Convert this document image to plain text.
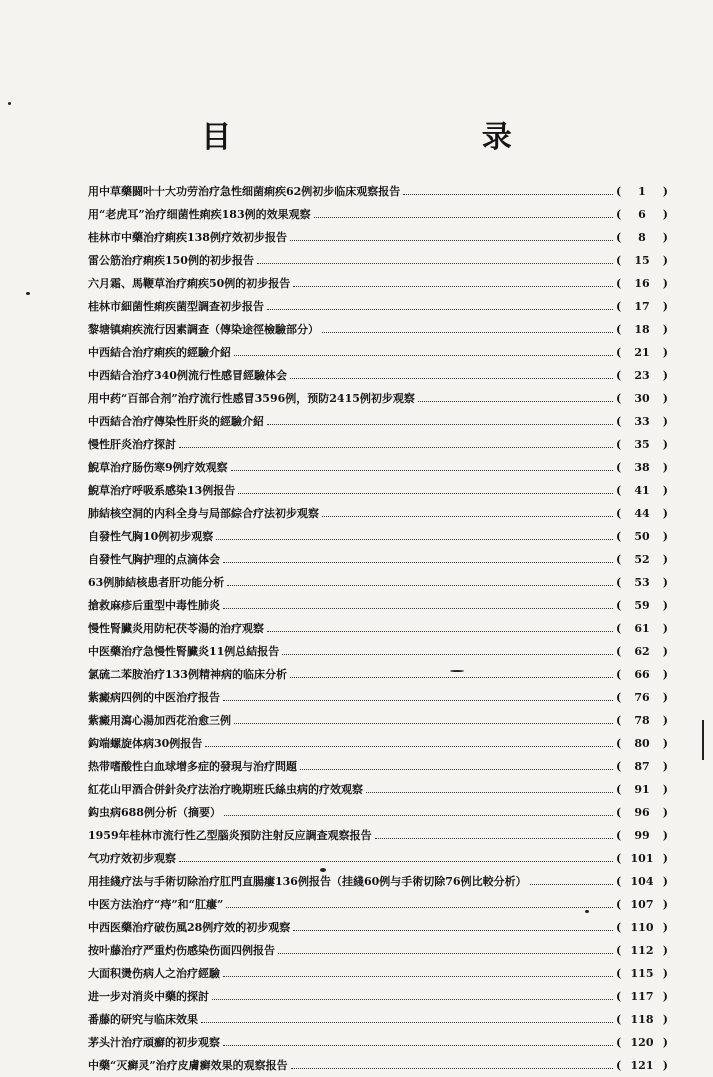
目 录
用中草藥闘叶十大功劳治疗急性细菌痢疾62例初步临床观察报告	( 1 )
用“老虎耳”治疗细菌性痢疾183例的效果观察	( 6 )
桂林市中藥治疗痢疾138例疗效初步报告	( 8 )
雷公筋治疗痢疾150例的初步报告	( 15 )
六月霜、馬鞭草治疗痢疾50例的初步报告	( 16 )
桂林市細菌性痢疾菌型調查初步报告	( 17 )
黎塘镇痢疾流行因素調查（傳染途徑檢驗部分）	( 18 )
中西結合治疗痢疾的經驗介紹	( 21 )
中西結合治疗340例流行性感冒經驗体会	( 23 )
用中药“百部合剂”治疗流行性感冒3596例，预防2415例初步观察	( 30 )
中西結合治疗傳染性肝炎的經驗介紹	( 33 )
慢性肝炎治疗探討	( 35 )
鯢草治疗肠伤寒9例疗效观察	( 38 )
鯢草治疗呼吸系感染13例报告	( 41 )
肺結核空洞的内科全身与局部綜合疗法初步观察	( 44 )
自發性气胸10例初步观察	( 50 )
自發性气胸护理的点滴体会	( 52 )
63例肺結核患者肝功能分析	( 53 )
搶救麻疹后重型中毒性肺炎	( 59 )
慢性腎臟炎用防杞茯苓湯的治疗观察	( 61 )
中医藥治疗急慢性腎臟炎11例总結报告	( 62 )
氯硫二苯胺治疗133例精神病的临床分析	( 66 )
紫癜病四例的中医治疗报告	( 76 )
紫癜用瀉心湯加西花治愈三例	( 78 )
鈎端螺旋体病30例报告	( 80 )
热带嗜酸性白血球增多症的發現与治疗問題	( 87 )
紅花山甲酒合併針灸疗法治疗晚期班氏絲虫病的疗效观察	( 91 )
鈎虫病688例分析（摘要）	( 96 )
1959年桂林市流行性乙型腦炎預防注射反应調查观察报告	( 99 )
气功疗效初步观察	( 101 )
用挂綫疗法与手術切除治疗肛門直腸瘻136例报告（挂綫60例与手術切除76例比較分析）	( 104 )
中医方法治疗“痔”和“肛瘻”	( 107 )
中西医藥治疗破伤風28例疗效的初步观察	( 110 )
按叶藤治疗严重灼伤感染伤面四例报告	( 112 )
大面积燙伤病人之治疗經驗	( 115 )
进一步对消炎中藥的探討	( 117 )
番藤的研究与临床效果	( 118 )
茅头汁治疗頑癬的初步观察	( 120 )
中藥“灭癣灵”治疗皮膚癣效果的观察报告	( 121 )
